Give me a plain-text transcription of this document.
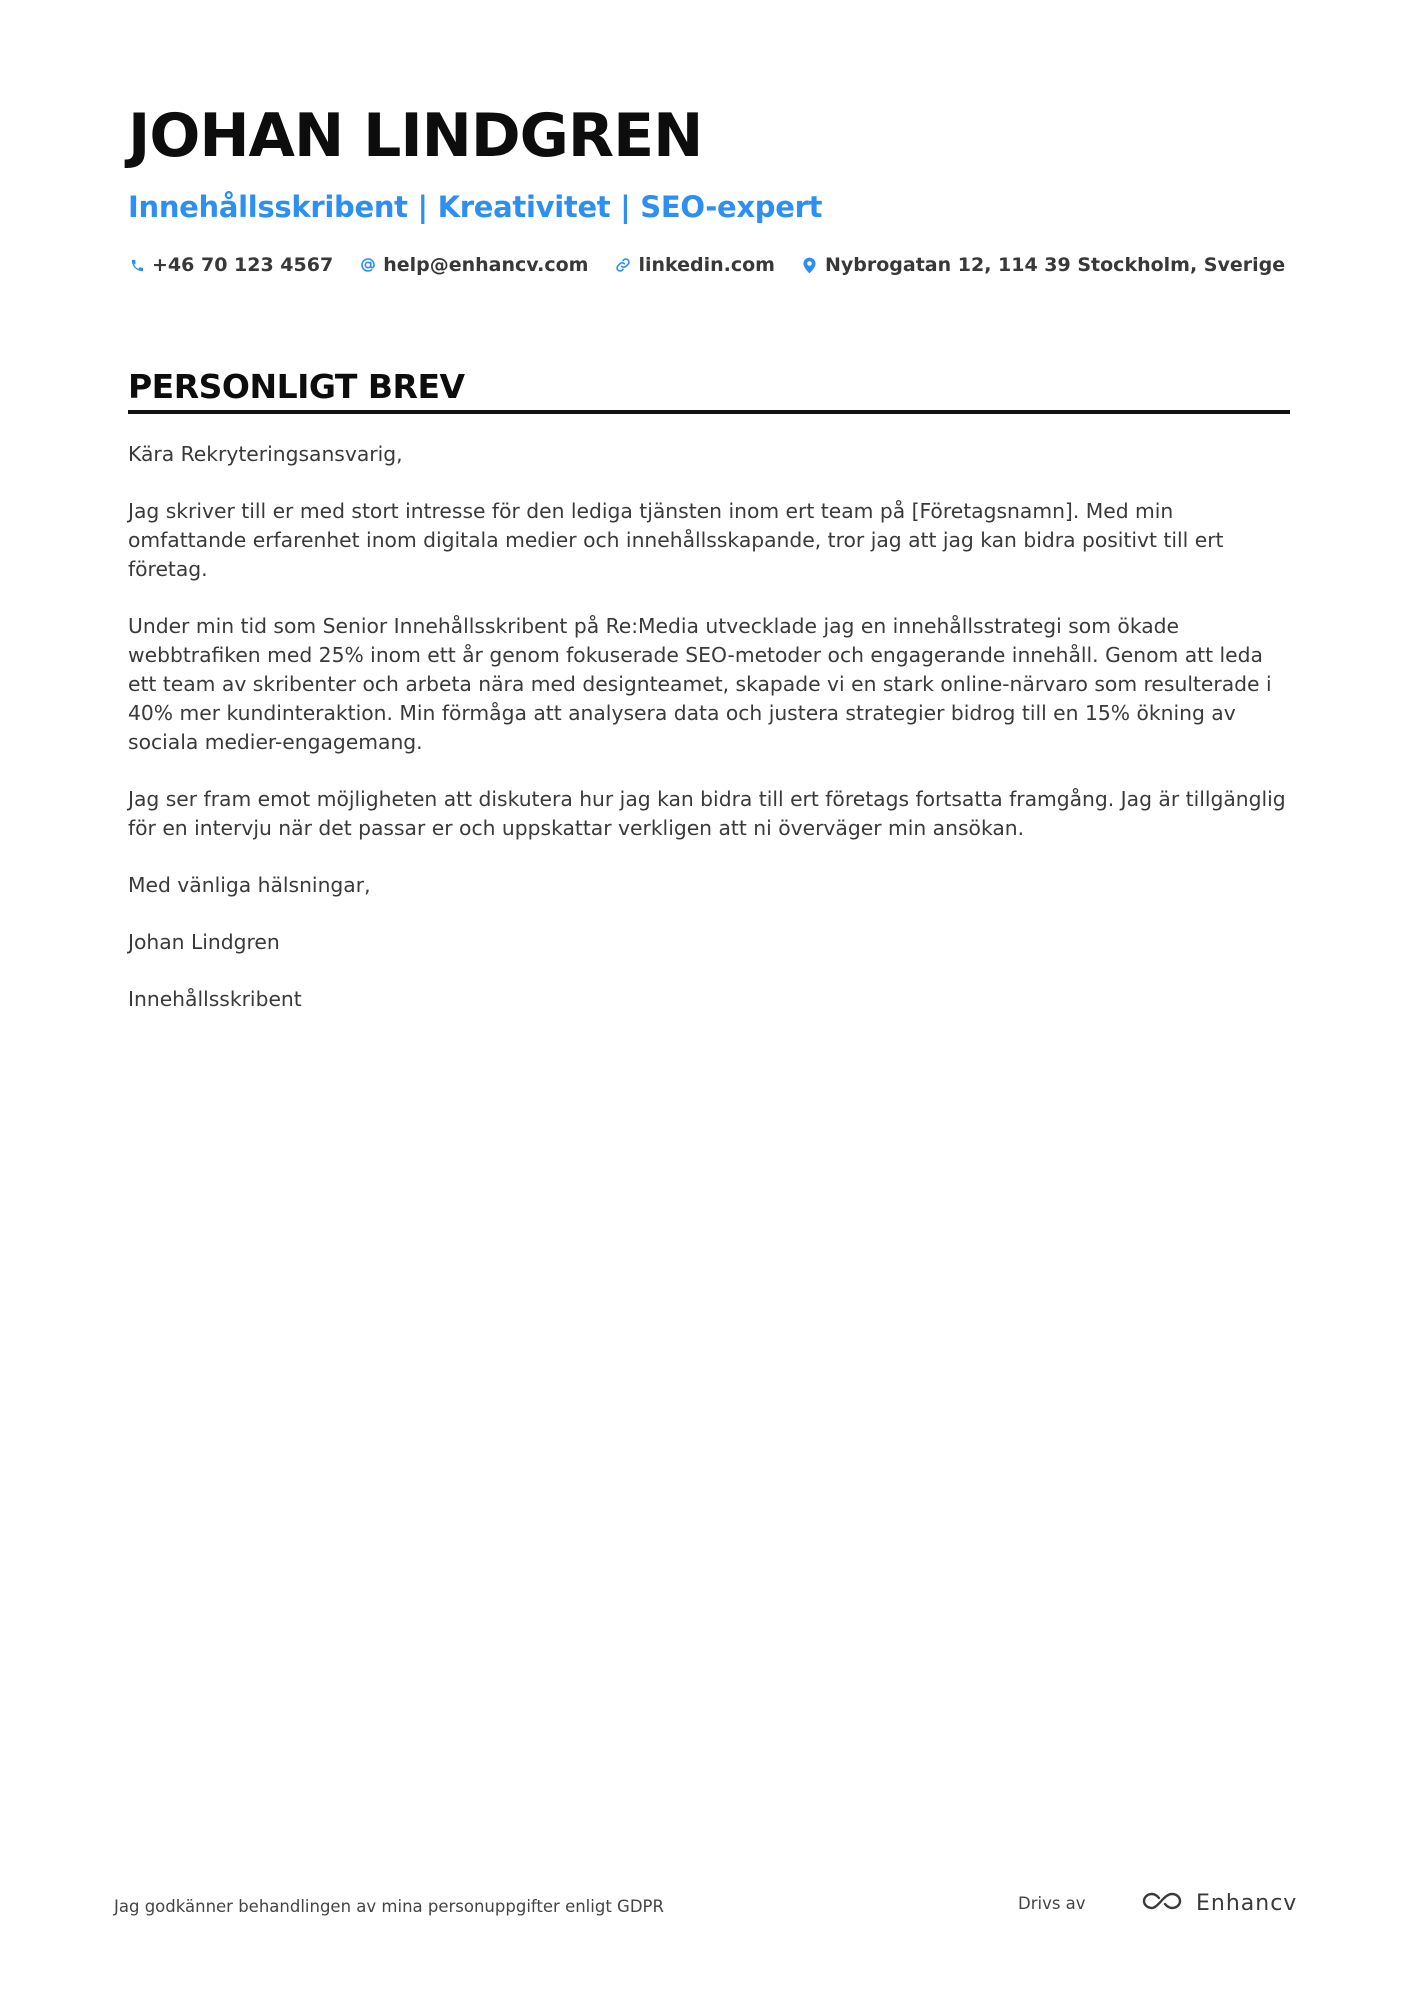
JOHAN LINDGREN
Innehållsskribent | Kreativitet | SEO-expert
+46 70 123 4567	help@enhancv.com	linkedin.com	Nybrogatan 12, 114 39 Stockholm, Sverige
PERSONLIGT BREV

Kära Rekryteringsansvarig,

Jag skriver till er med stort intresse för den lediga tjänsten inom ert team på [Företagsnamn]. Med min omfattande erfarenhet inom digitala medier och innehållsskapande, tror jag att jag kan bidra positivt till ert företag.

Under min tid som Senior Innehållsskribent på Re:Media utvecklade jag en innehållsstrategi som ökade webbtrafiken med 25% inom ett år genom fokuserade SEO-metoder och engagerande innehåll. Genom att leda ett team av skribenter och arbeta nära med designteamet, skapade vi en stark online-närvaro som resulterade i 40% mer kundinteraktion. Min förmåga att analysera data och justera strategier bidrog till en 15% ökning av sociala medier-engagemang.

Jag ser fram emot möjligheten att diskutera hur jag kan bidra till ert företags fortsatta framgång. Jag är tillgänglig för en intervju när det passar er och uppskattar verkligen att ni överväger min ansökan.

Med vänliga hälsningar,

Johan Lindgren

Innehållsskribent

Jag godkänner behandlingen av mina personuppgifter enligt GDPR	Drivs av	Enhancv
